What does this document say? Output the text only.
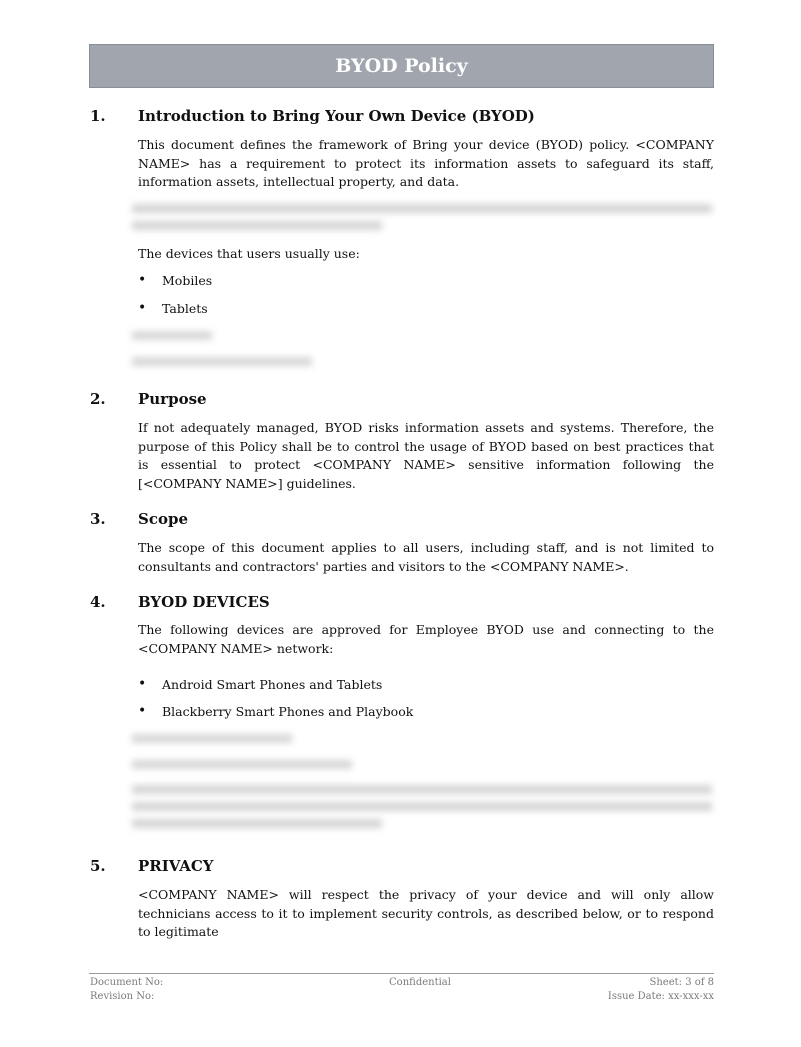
BYOD Policy
1.	Introduction to Bring Your Own Device (BYOD)

This document defines the framework of Bring your device (BYOD) policy. <COMPANY NAME> has a requirement to protect its information assets to safeguard its staff, information assets, intellectual property, and data.

The devices that users usually use:

•	Mobiles
•	Tablets
2.	Purpose

If not adequately managed, BYOD risks information assets and systems. Therefore, the purpose of this Policy shall be to control the usage of BYOD based on best practices that is essential to protect <COMPANY NAME> sensitive information following the [<COMPANY NAME>] guidelines.

3.	Scope

The scope of this document applies to all users, including staff, and is not limited to consultants and contractors' parties and visitors to the <COMPANY NAME>.

4.	BYOD DEVICES

The following devices are approved for Employee BYOD use and connecting to the <COMPANY NAME> network:

•	Android Smart Phones and Tablets
•	Blackberry Smart Phones and Playbook
5.	PRIVACY

<COMPANY NAME> will respect the privacy of your device and will only allow technicians access to it to implement security controls, as described below, or to respond to legitimate

Document No:
Revision No:
Confidential	Sheet: 3 of 8
Issue Date: xx-xxx-xx
